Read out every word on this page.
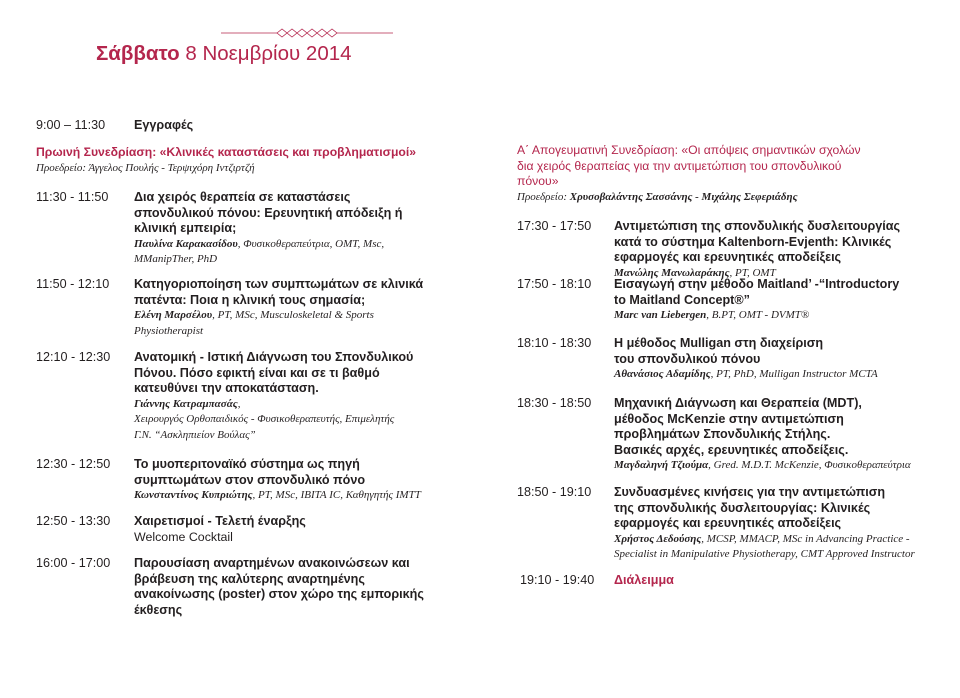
Σάββατο 8 Νοεμβρίου 2014
9:00 – 11:30 Εγγραφές
Πρωινή Συνεδρίαση: «Κλινικές καταστάσεις και προβληματισμοί»
Προεδρείο: Άγγελος Πουλής - Τερψιχόρη Ιντζιρτζή
11:30 - 11:50 Δια χειρός θεραπεία σε καταστάσεις
σπονδυλικού πόνου: Ερευνητική απόδειξη ή
κλινική εμπειρία;
Παυλίνα Καρακασίδου, Φυσικοθεραπεύτρια, OMT, Msc,
MManipTher, PhD
11:50 - 12:10 Κατηγοριοποίηση των συμπτωμάτων σε κλινικά
πατέντα: Ποια η κλινική τους σημασία;
Ελένη Μαρσέλου, PT, MSc, Musculoskeletal & Sports
Physiotherapist
12:10 - 12:30 Ανατομική - Ιστική Διάγνωση του Σπονδυλικού
Πόνου. Πόσο εφικτή είναι και σε τι βαθμό
κατευθύνει την αποκατάσταση.
Γιάννης Κατραμπασάς,
Χειρουργός Ορθοπαιδικός - Φυσικοθεραπευτής, Επιμελητής
Γ.Ν. “Ασκληπιείον Βούλας”
12:30 - 12:50 Το μυοπεριτοναϊκό σύστημα ως πηγή
συμπτωμάτων στον σπονδυλικό πόνο
Κωνσταντίνος Κυπριώτης, PT, MSc, IBITA IC, Καθηγητής IMTT
12:50 - 13:30 Χαιρετισμοί - Τελετή έναρξης
Welcome Cocktail
16:00 - 17:00 Παρουσίαση αναρτημένων ανακοινώσεων και
βράβευση της καλύτερης αναρτημένης
ανακοίνωσης (poster) στον χώρο της εμπορικής
έκθεσης
Α΄ Απογευματινή Συνεδρίαση: «Οι απόψεις σημαντικών σχολών
δια χειρός θεραπείας για την αντιμετώπιση του σπονδυλικού
πόνου»
Προεδρείο: Χρυσοβαλάντης Σασσάνης - Μιχάλης Σεφεριάδης
17:30 - 17:50 Αντιμετώπιση της σπονδυλικής δυσλειτουργίας
κατά το σύστημα Kaltenborn-Evjenth: Κλινικές
εφαρμογές και ερευνητικές αποδείξεις
Μανώλης Μανωλαράκης, PT, OMT
17:50 - 18:10 Εισαγωγή στην μέθοδο Maitland’ -“Introductory
to Maitland Concept®”
Marc van Liebergen, B.PT, OMT - DVMT®
18:10 - 18:30 Η μέθοδος Mulligan στη διαχείριση
του σπονδυλικού πόνου
Αθανάσιος Αδαμίδης, PT, PhD, Mulligan Instructor MCTA
18:30 - 18:50 Μηχανική Διάγνωση και Θεραπεία (MDT),
μέθοδος McKenzie στην αντιμετώπιση
προβλημάτων Σπονδυλικής Στήλης.
Βασικές αρχές, ερευνητικές αποδείξεις.
Μαγδαληνή Τζιούμα, Gred. M.D.T. McKenzie, Φυσικοθεραπεύτρια
18:50 - 19:10 Συνδυασμένες κινήσεις για την αντιμετώπιση
της σπονδυλικής δυσλειτουργίας: Κλινικές
εφαρμογές και ερευνητικές αποδείξεις
Χρήστος Δεδούσης, MCSP, MMACP, MSc in Advancing Practice -
Specialist in Manipulative Physiotherapy, CMT Approved Instructor
19:10 - 19:40 Διάλειμμα
